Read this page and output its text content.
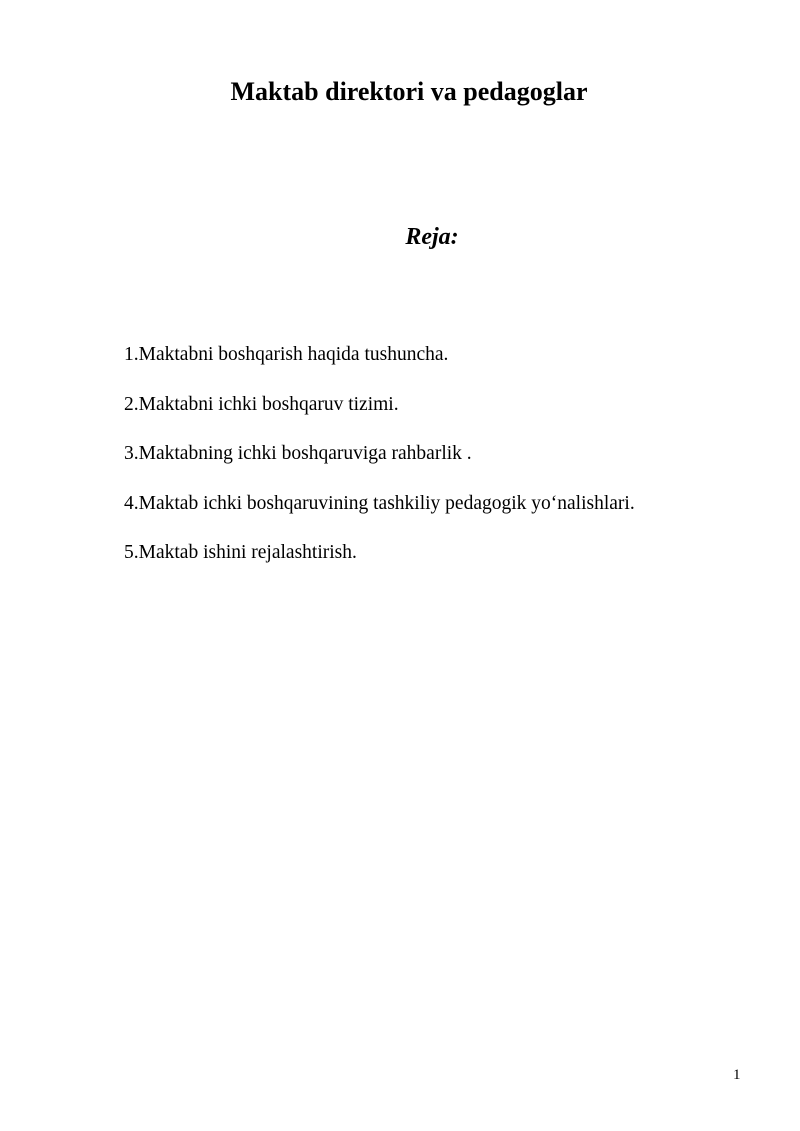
Maktab direktori va pedagoglar
Reja:
1.Maktabni boshqarish haqida tushuncha.
2.Maktabni ichki boshqaruv tizimi.
3.Maktabning ichki boshqaruviga rahbarlik .
4.Maktab ichki boshqaruvining tashkiliy pedagogik yo‘nalishlari.
5.Maktab ishini rejalashtirish.
1
